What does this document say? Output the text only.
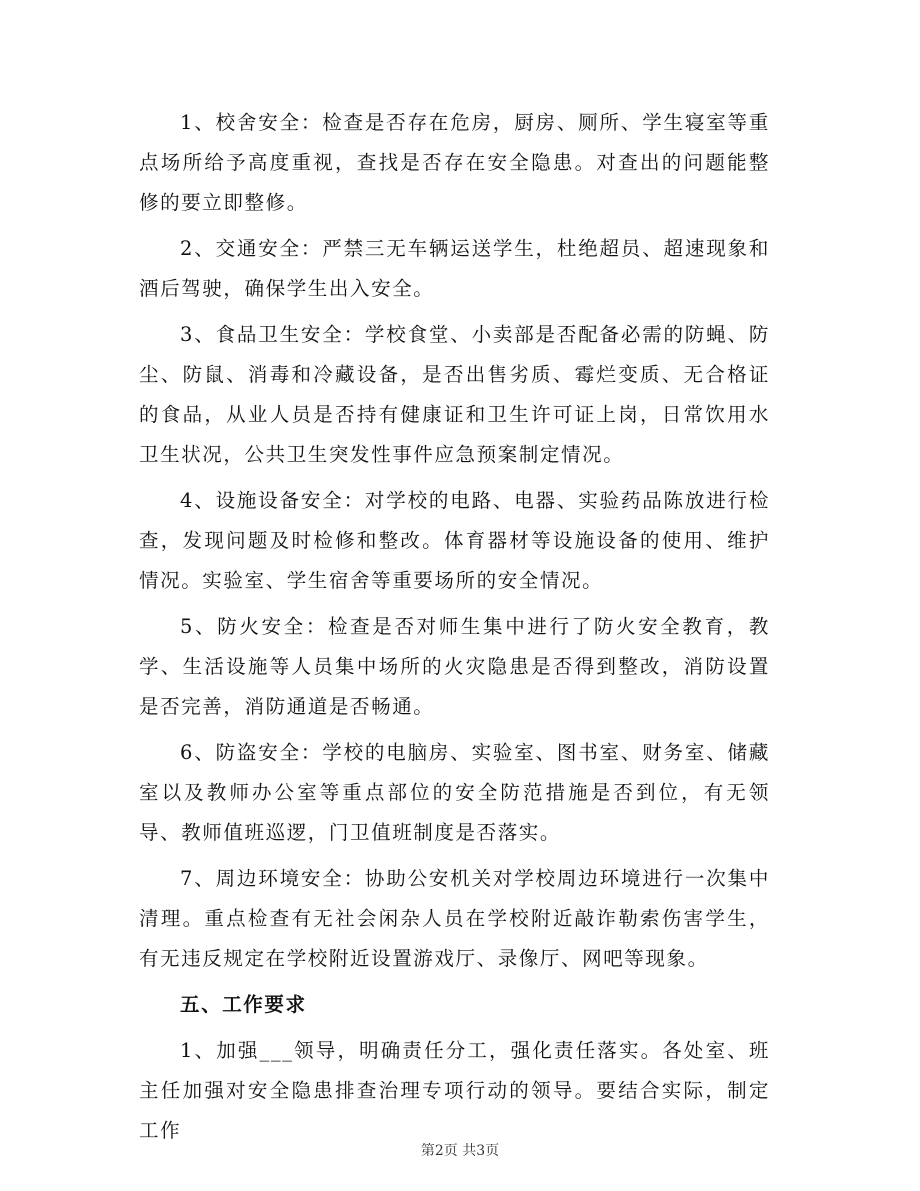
1、校舍安全：检查是否存在危房，厨房、厕所、学生寝室等重点场所给予高度重视，查找是否存在安全隐患。对查出的问题能整修的要立即整修。

2、交通安全：严禁三无车辆运送学生，杜绝超员、超速现象和酒后驾驶，确保学生出入安全。

3、食品卫生安全：学校食堂、小卖部是否配备必需的防蝇、防尘、防鼠、消毒和冷藏设备，是否出售劣质、霉烂变质、无合格证的食品，从业人员是否持有健康证和卫生许可证上岗，日常饮用水卫生状况，公共卫生突发性事件应急预案制定情况。

4、设施设备安全：对学校的电路、电器、实验药品陈放进行检查，发现问题及时检修和整改。体育器材等设施设备的使用、维护情况。实验室、学生宿舍等重要场所的安全情况。

5、防火安全：检查是否对师生集中进行了防火安全教育，教学、生活设施等人员集中场所的火灾隐患是否得到整改，消防设置是否完善，消防通道是否畅通。

6、防盗安全：学校的电脑房、实验室、图书室、财务室、储藏室以及教师办公室等重点部位的安全防范措施是否到位，有无领导、教师值班巡逻，门卫值班制度是否落实。

7、周边环境安全：协助公安机关对学校周边环境进行一次集中清理。重点检查有无社会闲杂人员在学校附近敲诈勒索伤害学生，有无违反规定在学校附近设置游戏厅、录像厅、网吧等现象。

五、工作要求

1、加强___领导，明确责任分工，强化责任落实。各处室、班主任加强对安全隐患排查治理专项行动的领导。要结合实际，制定工作

第2页 共3页
